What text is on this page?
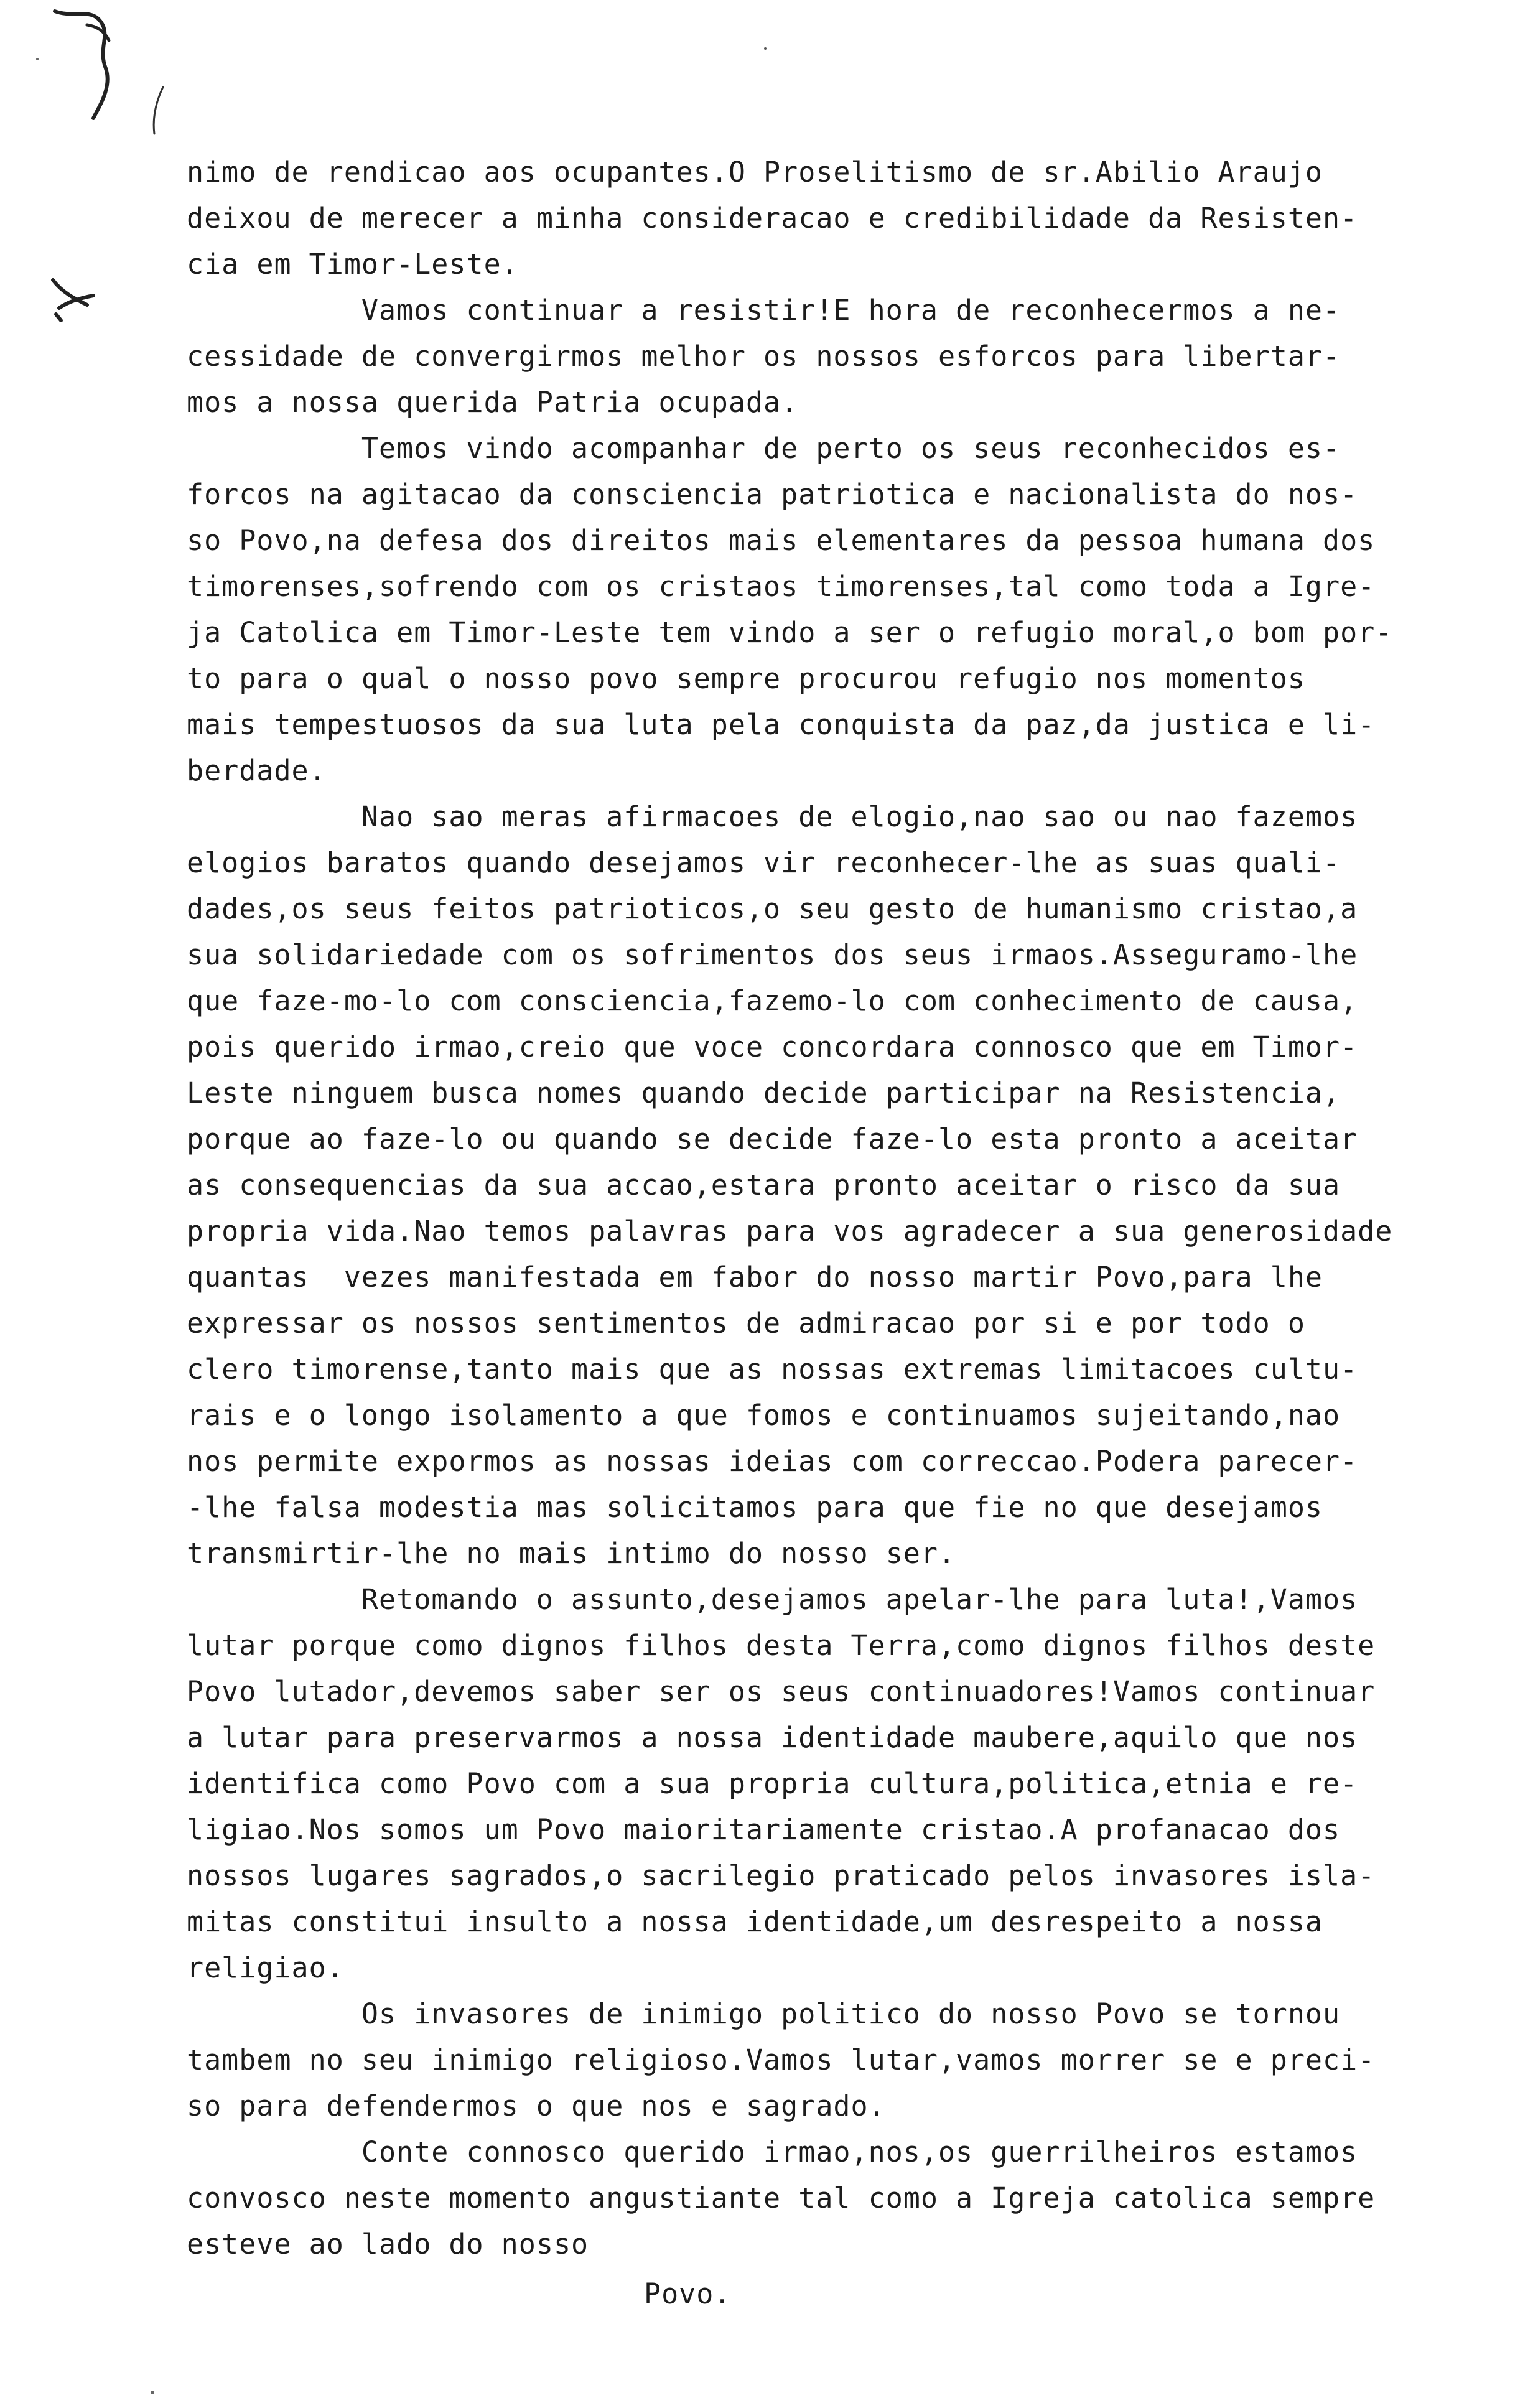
nimo de rendicao aos ocupantes.O Proselitismo de sr.Abilio Araujo
deixou de merecer a minha consideracao e credibilidade da Resisten-
cia em Timor-Leste.
Vamos continuar a resistir!E hora de reconhecermos a ne-
cessidade de convergirmos melhor os nossos esforcos para libertar-
mos a nossa querida Patria ocupada.
Temos vindo acompanhar de perto os seus reconhecidos es-
forcos na agitacao da consciencia patriotica e nacionalista do nos-
so Povo,na defesa dos direitos mais elementares da pessoa humana dos
timorenses,sofrendo com os cristaos timorenses,tal como toda a Igre-
ja Catolica em Timor-Leste tem vindo a ser o refugio moral,o bom por-
to para o qual o nosso povo sempre procurou refugio nos momentos
mais tempestuosos da sua luta pela conquista da paz,da justica e li-
berdade.
Nao sao meras afirmacoes de elogio,nao sao ou nao fazemos
elogios baratos quando desejamos vir reconhecer-lhe as suas quali-
dades,os seus feitos patrioticos,o seu gesto de humanismo cristao,a
sua solidariedade com os sofrimentos dos seus irmaos.Asseguramo-lhe
que faze-mo-lo com consciencia,fazemo-lo com conhecimento de causa,
pois querido irmao,creio que voce concordara connosco que em Timor-
Leste ninguem busca nomes quando decide participar na Resistencia,
porque ao faze-lo ou quando se decide faze-lo esta pronto a aceitar
as consequencias da sua accao,estara pronto aceitar o risco da sua
propria vida.Nao temos palavras para vos agradecer a sua generosidade
quantas  vezes manifestada em fabor do nosso martir Povo,para lhe
expressar os nossos sentimentos de admiracao por si e por todo o
clero timorense,tanto mais que as nossas extremas limitacoes cultu-
rais e o longo isolamento a que fomos e continuamos sujeitando,nao
nos permite expormos as nossas ideias com correccao.Podera parecer-
-lhe falsa modestia mas solicitamos para que fie no que desejamos
transmirtir-lhe no mais intimo do nosso ser.
Retomando o assunto,desejamos apelar-lhe para luta!,Vamos
lutar porque como dignos filhos desta Terra,como dignos filhos deste
Povo lutador,devemos saber ser os seus continuadores!Vamos continuar
a lutar para preservarmos a nossa identidade maubere,aquilo que nos
identifica como Povo com a sua propria cultura,politica,etnia e re-
ligiao.Nos somos um Povo maioritariamente cristao.A profanacao dos
nossos lugares sagrados,o sacrilegio praticado pelos invasores isla-
mitas constitui insulto a nossa identidade,um desrespeito a nossa
religiao.
Os invasores de inimigo politico do nosso Povo se tornou
tambem no seu inimigo religioso.Vamos lutar,vamos morrer se e preci-
so para defendermos o que nos e sagrado.
Conte connosco querido irmao,nos,os guerrilheiros estamos
convosco neste momento angustiante tal como a Igreja catolica sempre
esteve ao lado do nosso
Povo.
